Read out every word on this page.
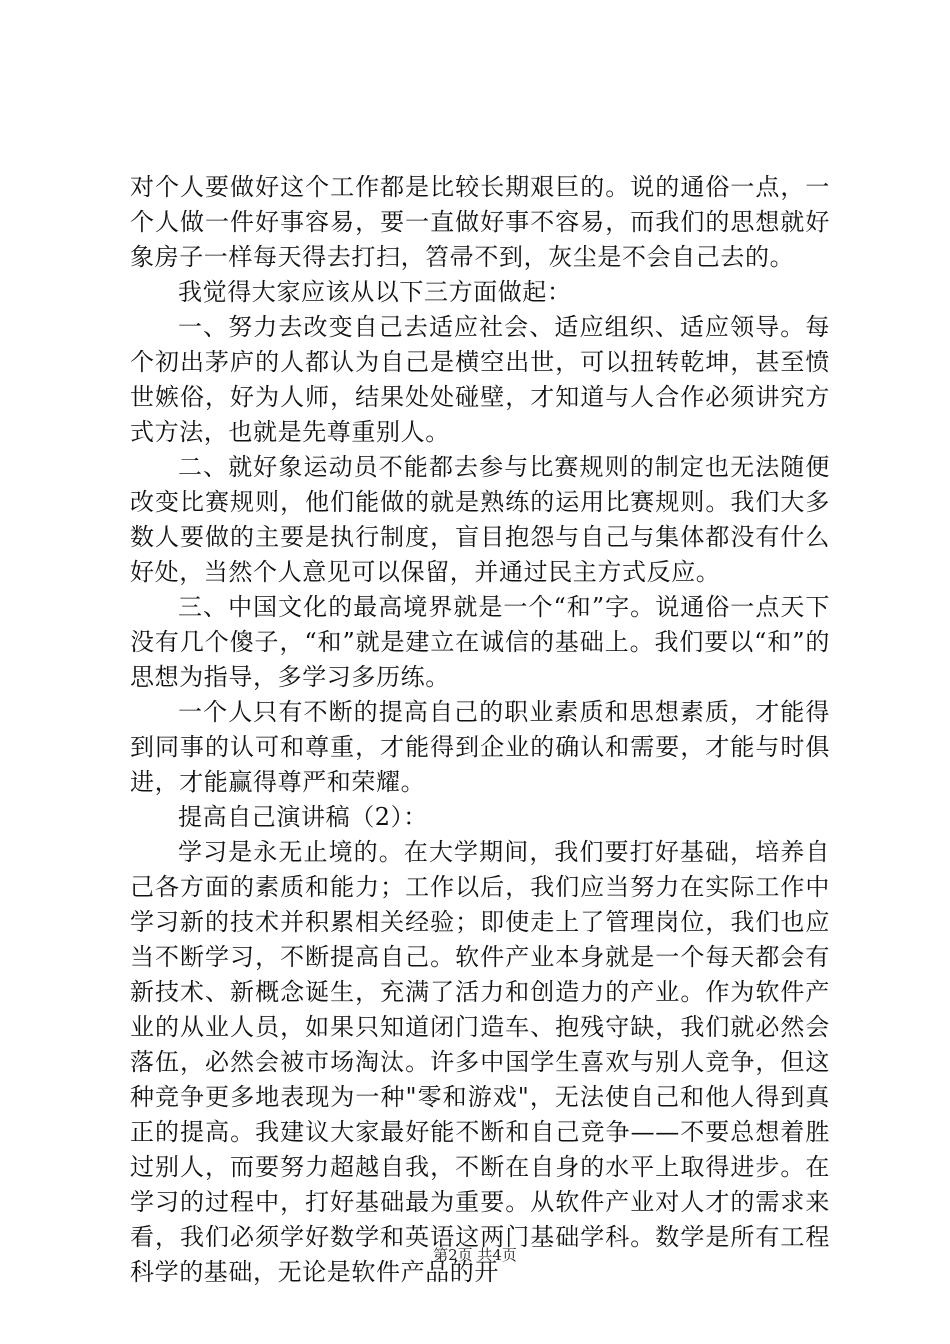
对个人要做好这个工作都是比较长期艰巨的。说的通俗一点，一个人做一件好事容易，要一直做好事不容易，而我们的思想就好象房子一样每天得去打扫，笤帚不到，灰尘是不会自己去的。

我觉得大家应该从以下三方面做起：

一、努力去改变自己去适应社会、适应组织、适应领导。每个初出茅庐的人都认为自己是横空出世，可以扭转乾坤，甚至愤世嫉俗，好为人师，结果处处碰壁，才知道与人合作必须讲究方式方法，也就是先尊重别人。

二、就好象运动员不能都去参与比赛规则的制定也无法随便改变比赛规则，他们能做的就是熟练的运用比赛规则。我们大多数人要做的主要是执行制度，盲目抱怨与自己与集体都没有什么好处，当然个人意见可以保留，并通过民主方式反应。

三、中国文化的最高境界就是一个“和”字。说通俗一点天下没有几个傻子，“和”就是建立在诚信的基础上。我们要以“和”的思想为指导，多学习多历练。

一个人只有不断的提高自己的职业素质和思想素质，才能得到同事的认可和尊重，才能得到企业的确认和需要，才能与时俱进，才能赢得尊严和荣耀。

提高自己演讲稿（2）：

学习是永无止境的。在大学期间，我们要打好基础，培养自己各方面的素质和能力；工作以后，我们应当努力在实际工作中学习新的技术并积累相关经验；即使走上了管理岗位，我们也应当不断学习，不断提高自己。软件产业本身就是一个每天都会有新技术、新概念诞生，充满了活力和创造力的产业。作为软件产业的从业人员，如果只知道闭门造车、抱残守缺，我们就必然会落伍，必然会被市场淘汰。许多中国学生喜欢与别人竞争，但这种竞争更多地表现为一种"零和游戏"，无法使自己和他人得到真正的提高。我建议大家最好能不断和自己竞争——不要总想着胜过别人，而要努力超越自我，不断在自身的水平上取得进步。在学习的过程中，打好基础最为重要。从软件产业对人才的需求来看，我们必须学好数学和英语这两门基础学科。数学是所有工程科学的基础，无论是软件产品的开

第2页 共4页
